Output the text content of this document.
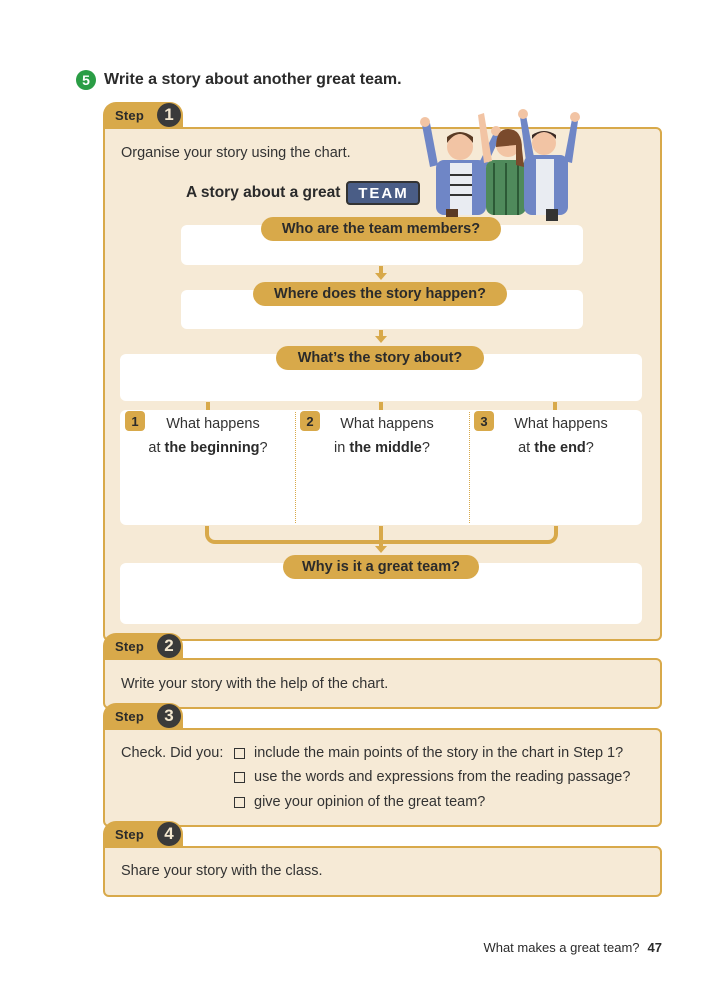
5 Write a story about another great team.
Step	1
Organise your story using the chart.
A story about a great	TEAM
Who are the team members?
Where does the story happen?
What’s the story about?
1	What happens
at the beginning?
2	What happens
in the middle?
3	What happens
at the end?
Why is it a great team?
Step	2
Write your story with the help of the chart.
Step	3
Check. Did you: include the main points of the story in the chart in Step 1?
use the words and expressions from the reading passage?
give your opinion of the great team?
Step	4
Share your story with the class.
What makes a great team? 47
